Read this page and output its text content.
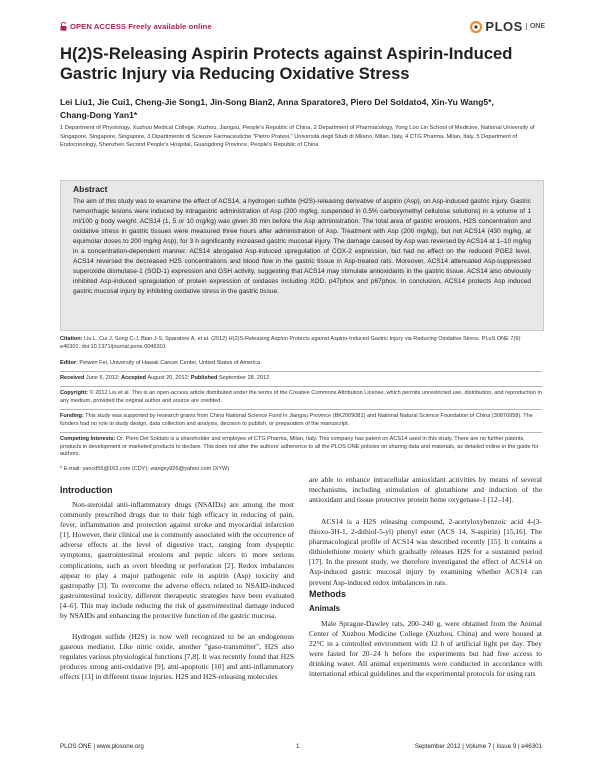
OPEN ACCESS Freely available online	PLOS	ONE
H(2)S-Releasing Aspirin Protects against Aspirin-Induced Gastric Injury via Reducing Oxidative Stress
Lei Liu1, Jie Cui1, Cheng-Jie Song1, Jin-Song Bian2, Anna Sparatore3, Piero Del Soldato4, Xin-Yu Wang5*,
Chang-Dong Yan1*
1 Department of Physiology, Xuzhou Medical College, Xuzhou, Jiangsu, People's Republic of China, 2 Department of Pharmacology, Yong Loo Lin School of Medicine, National University of Singapore, Singapore, Singapore, 3 Dipartimento di Scienze Farmaceutiche "Pietro Pratesi," Università degli Studi di Milano, Milan, Italy, 4 CTG Pharma, Milan, Italy, 5 Department of Endocrinology, Shenzhen Second People's Hospital, Guangdong Province, People's Republic of China
Abstract
The aim of this study was to examine the effect of ACS14, a hydrogen sulfide (H2S)-releasing derivative of aspirin (Asp), on Asp-induced gastric injury. Gastric hemorrhagic lesions were induced by intragastric administration of Asp (200 mg/kg, suspended in 0.5% carboxymethyl cellulose solutions) in a volume of 1 ml/100 g body weight. ACS14 (1, 5 or 10 mg/kg) was given 30 min before the Asp administration. The total area of gastric erosions, H2S concentration and oxidative stress in gastric tissues were measured three hours after administration of Asp. Treatment with Asp (200 mg/kg), but not ACS14 (430 mg/kg, at equimolar doses to 200 mg/kg Asp), for 3 h significantly increased gastric mucosal injury. The damage caused by Asp was reversed by ACS14 at 1–10 mg/kg in a concentration-dependent manner. ACS14 abrogated Asp-induced upregulation of COX-2 expression, but had no effect on the reduced PGE2 level. ACS14 reversed the decreased H2S concentrations and blood flow in the gastric tissue in Asp-treated rats. Moreover, ACS14 attenuated Asp-suppressed superoxide dismutase-1 (SOD-1) expression and GSH activity, suggesting that ACS14 may stimulate antioxidants in the gastric tissue. ACS14 also obviously inhibited Asp-induced upregulation of protein expression of oxidases including XOD, p47phox and p67phox. In conclusion, ACS14 protects Asp induced gastric mucosal injury by inhibiting oxidative stress in the gastric tissue.
Citation: Liu L, Cui J, Song C-J, Bian J-S, Sparatore A, et al. (2012) H(2)S-Releasing Aspirin Protects against Aspirin-Induced Gastric Injury via Reducing Oxidative Stress. PLoS ONE 7(9): e46301. doi:10.1371/journal.pone.0046301
Editor: Peiwen Fei, University of Hawaii Cancer Center, United States of America
Received June 6, 2012; Accepted August 20, 2012; Published September 28, 2012
Copyright: © 2012 Liu et al. This is an open-access article distributed under the terms of the Creative Commons Attribution License, which permits unrestricted use, distribution, and reproduction in any medium, provided the original author and source are credited.
Funding: This study was supported by research grants from China National Science Fund in Jiangsu Province (BK2009081) and National Natural Science Foundation of China (30870958). The funders had no role in study design, data collection and analysis, decision to publish, or preparation of the manuscript.
Competing Interests: Dr. Piero Del Soldato is a shareholder and employee of CTG Pharma, Milan, Italy. This company has patent on ACS14 used in this study. There are no further patents, products in development or marketed products to declare. This does not alter the authors' adherence to all the PLOS ONE policies on sharing data and materials, as detailed online in the guide for authors.
* E-mail: yancd55@163.com (CDY); wangxy926@yahoo.com (XYW)
Introduction
Non-steroidal anti-inflammatory drugs (NSAIDs) are among the most commonly prescribed drugs due to their high efficacy in reducing of pain, fever, inflammation and protection against stroke and myocardial infarction [1]. However, their clinical use is commonly associated with the occurrence of adverse effects at the level of digestive tract, ranging from dyspeptic symptoms, gastrointestinal erosions and peptic ulcers to more serious complications, such as overt bleeding or perforation [2]. Redox imbalances appear to play a major pathogenic role in aspirin (Asp) toxicity and gastropathy [3]. To overcome the adverse effects related to NSAID-induced gastrointestinal toxicity, different therapeutic strategies have been evaluated [4–6]. This may include reducing the risk of gastrointestinal damage induced by NSAIDs and enhancing the protective function of the gastric mucosa.
Hydrogen sulfide (H2S) is now well recognized to be an endogenous gaseous mediator. Like nitric oxide, another "gaso-transmitter", H2S also regulates various physiological functions [7,8]. It was recently found that H2S produces strong anti-oxidative [9], anti-apoptotic [10] and anti-inflammatory effects [11] in different tissue injuries. H2S and H2S-releasing molecules
are able to enhance intracellular antioxidant activities by means of several mechanisms, including stimulation of glutathione and induction of the antioxidant and tissue protective protein heme oxygenase-1 [12–14].
ACS14 is a H2S releasing compound, 2-acetyloxybenzoic acid 4-(3-thioxo-3H-1, 2-dithiol-5-yl) phenyl ester (ACS 14, S-aspirin) [15,16]. The pharmacological profile of ACS14 was described recently [15]. It contains a dithiolethione moiety which gradually releases H2S for a sustained period [17]. In the present study, we therefore investigated the effect of ACS14 on Asp-induced gastric mucosal injury by examining whether ACS14 can prevent Asp-induced redox imbalances in rats.
Methods
Animals
Male Sprague-Dawley rats, 200–240 g, were obtained from the Animal Center of Xuzhou Medicine College (Xuzhou, China) and were housed at 22°C in a controlled environment with 12 h of artificial light per day. They were fasted for 20–24 h before the experiments but had free access to drinking water. All animal experiments were conducted in accordance with international ethical guidelines and the experimental protocols for using rats
PLOS ONE | www.plosone.org	1	September 2012 | Volume 7 | Issue 9 | e46301
